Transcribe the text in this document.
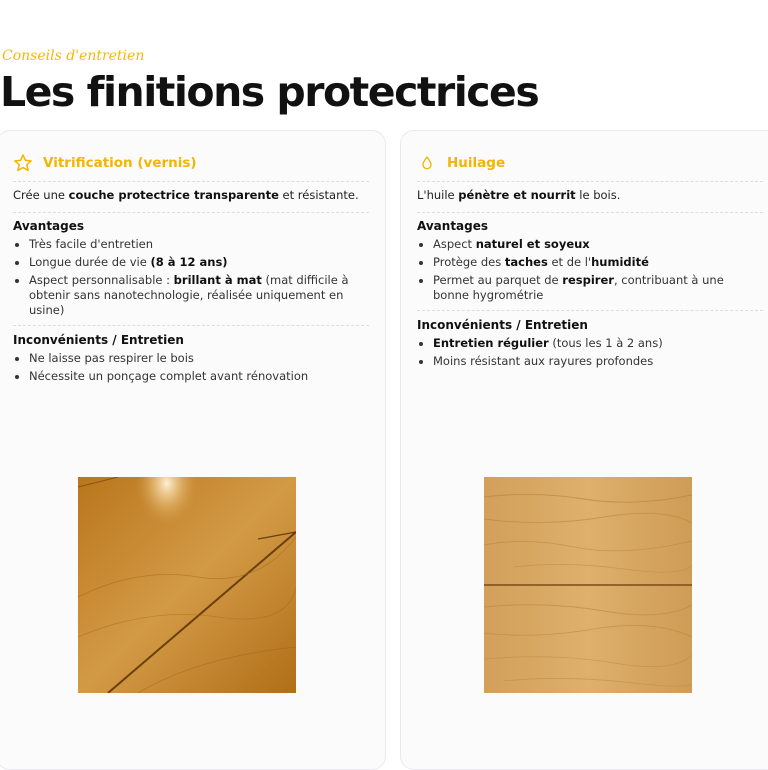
Conseils d'entretien
Les finitions protectrices
Vitrification (vernis)
Crée une couche protectrice transparente et résistante.
Avantages
• Très facile d'entretien
• Longue durée de vie (8 à 12 ans)
• Aspect personnalisable : brillant à mat (mat difficile à obtenir sans nanotechnologie, réalisée uniquement en usine)
Inconvénients / Entretien
• Ne laisse pas respirer le bois
• Nécessite un ponçage complet avant rénovation
Huilage
L'huile pénètre et nourrit le bois.
Avantages
• Aspect naturel et soyeux
• Protège des taches et de l'humidité
• Permet au parquet de respirer, contribuant à une bonne hygrométrie
Inconvénients / Entretien
• Entretien régulier (tous les 1 à 2 ans)
• Moins résistant aux rayures profondes
